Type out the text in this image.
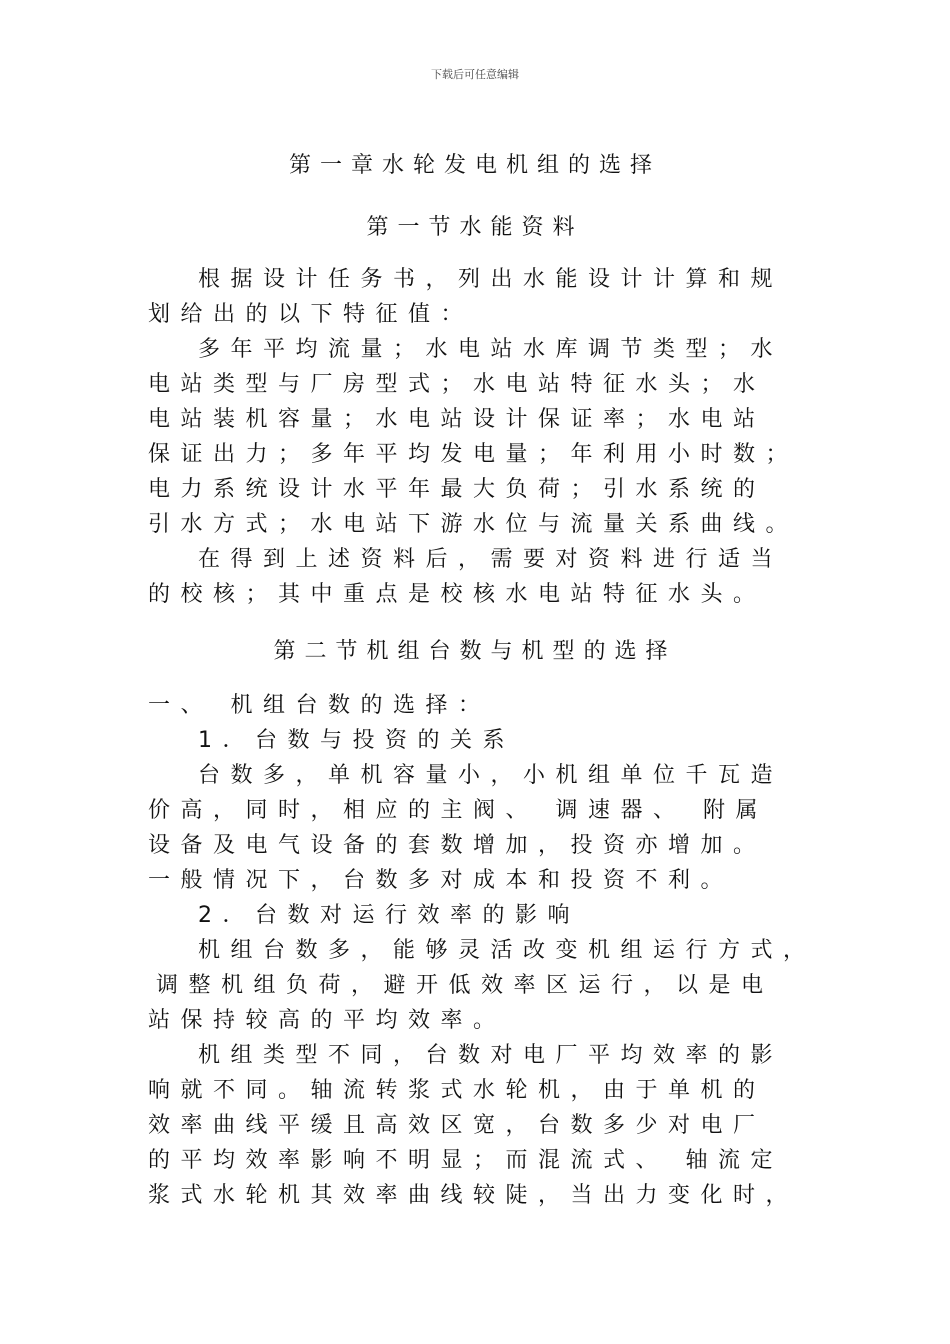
下载后可任意编辑
第一章水轮发电机组的选择
第一节水能资料
根据设计任务书，列出水能设计计算和规
划给出的以下特征值：
多年平均流量；水电站水库调节类型；水
电站类型与厂房型式；水电站特征水头；水
电站装机容量；水电站设计保证率；水电站
保证出力；多年平均发电量；年利用小时数；
电力系统设计水平年最大负荷；引水系统的
引水方式；水电站下游水位与流量关系曲线。
在得到上述资料后，需要对资料进行适当
的校核；其中重点是校核水电站特征水头。
第二节机组台数与机型的选择
一、 机组台数的选择：
1．台数与投资的关系
台数多，单机容量小，小机组单位千瓦造
价高，同时，相应的主阀、 调速器、 附属
设备及电气设备的套数增加，投资亦增加。
一般情况下，台数多对成本和投资不利。
2．台数对运行效率的影响
机组台数多，能够灵活改变机组运行方式，
调整机组负荷，避开低效率区运行，以是电
站保持较高的平均效率。
机组类型不同，台数对电厂平均效率的影
响就不同。轴流转浆式水轮机，由于单机的
效率曲线平缓且高效区宽，台数多少对电厂
的平均效率影响不明显；而混流式、 轴流定
浆式水轮机其效率曲线较陡，当出力变化时，
